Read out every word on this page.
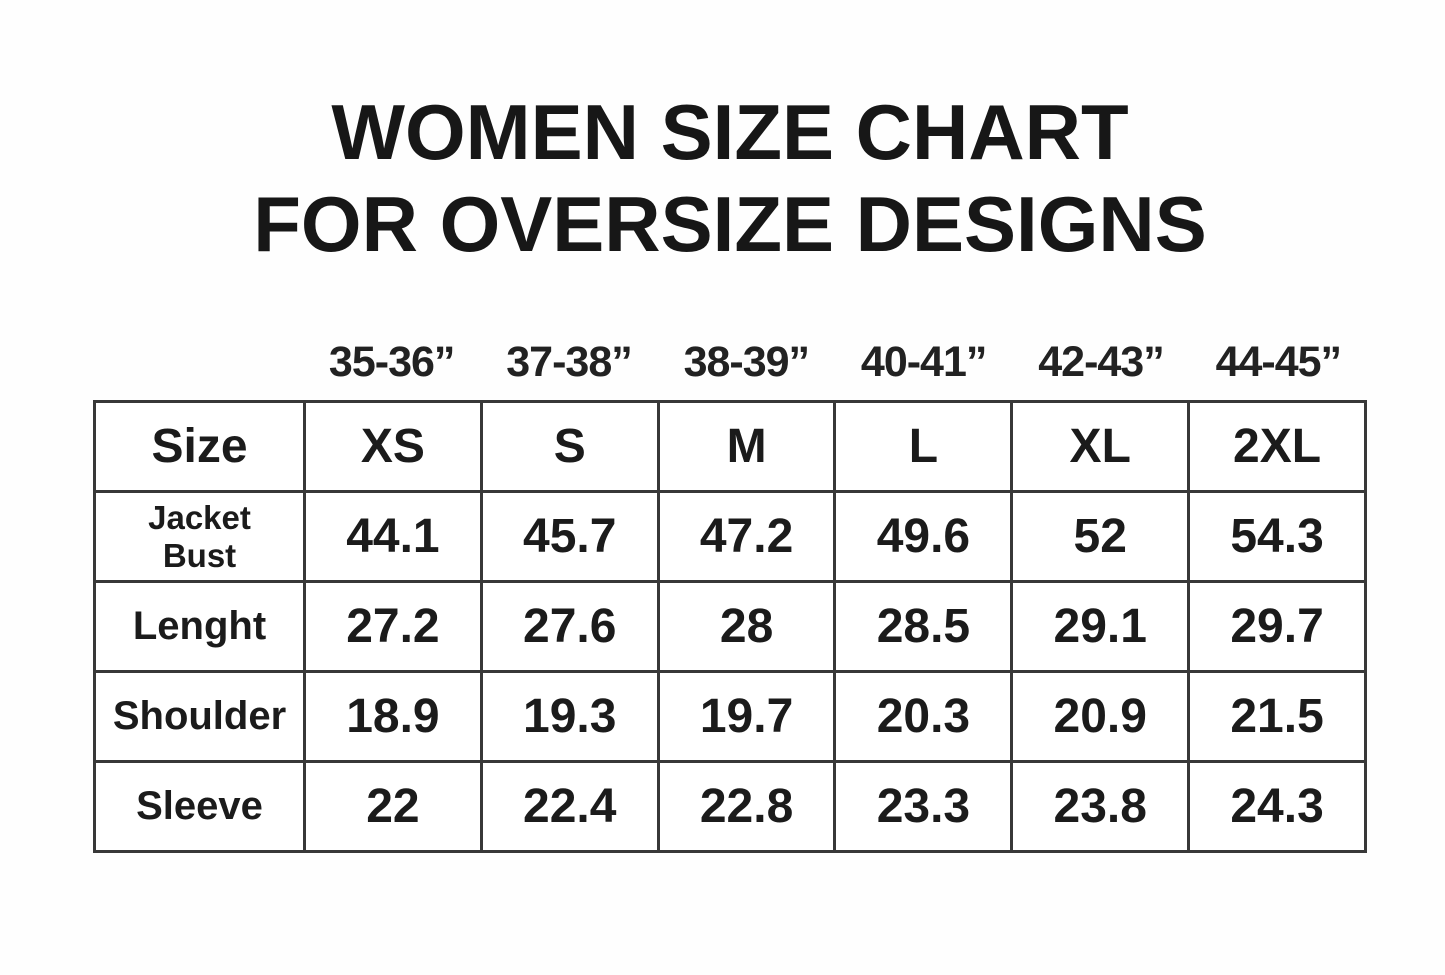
WOMEN SIZE CHART
FOR OVERSIZE DESIGNS
35-36”	37-38”	38-39”	40-41”	42-43”	44-45”
Size	XS	S	M	L	XL	2XL

Jacket
Bust	44.1	45.7	47.2	49.6	52	54.3
Lenght	27.2	27.6	28	28.5	29.1	29.7
Shoulder	18.9	19.3	19.7	20.3	20.9	21.5
Sleeve	22	22.4	22.8	23.3	23.8	24.3
